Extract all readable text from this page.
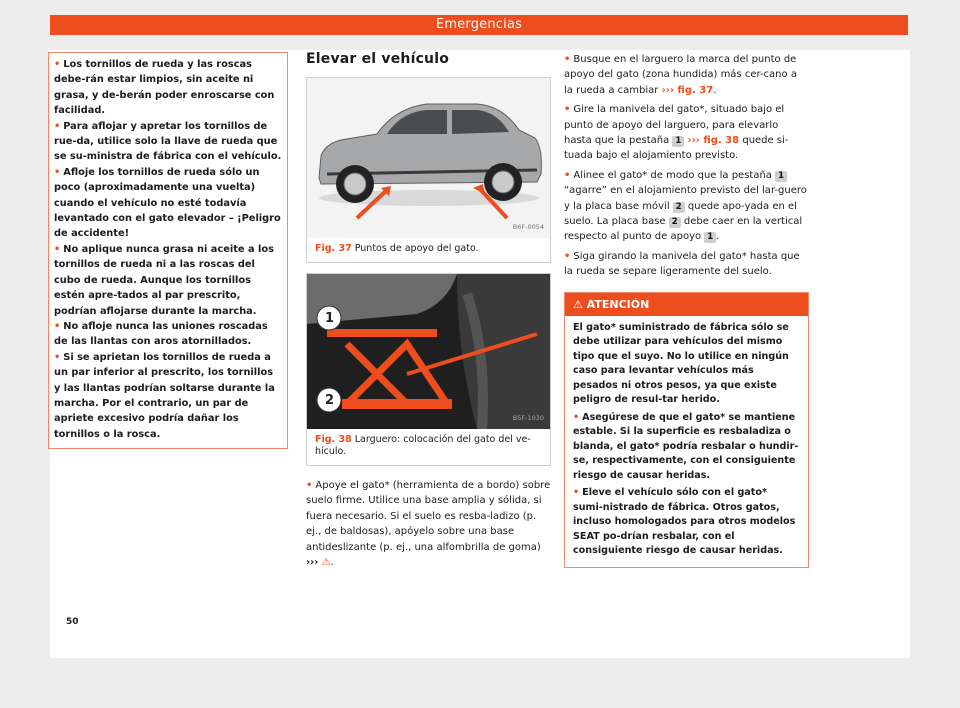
Emergencias

• Los tornillos de rueda y las roscas debe-rán estar limpios, sin aceite ni grasa, y de-berán poder enroscarse con facilidad.

• Para aflojar y apretar los tornillos de rue-da, utilice solo la llave de rueda que se su-ministra de fábrica con el vehículo.

• Afloje los tornillos de rueda sólo un poco (aproximadamente una vuelta) cuando el vehículo no esté todavía levantado con el gato elevador – ¡Peligro de accidente!

• No aplique nunca grasa ni aceite a los tornillos de rueda ni a las roscas del cubo de rueda. Aunque los tornillos estén apre-tados al par prescrito, podrían aflojarse durante la marcha.

• No afloje nunca las uniones roscadas de las llantas con aros atornillados.

• Si se aprietan los tornillos de rueda a un par inferior al prescrito, los tornillos y las llantas podrían soltarse durante la marcha. Por el contrario, un par de apriete excesivo podría dañar los tornillos o la rosca.

Elevar el vehículo
B6F-0054
Fig. 37 Puntos de apoyo del gato.
1
2
B5F-1030
Fig. 38 Larguero: colocación del gato del ve-hículo.

• Apoye el gato* (herramienta de a bordo) sobre suelo firme. Utilice una base amplia y sólida, si fuera necesario. Si el suelo es resba-ladizo (p. ej., de baldosas), apóyelo sobre una base antideslizante (p. ej., una alfombrilla de goma) ››› ⚠.

• Busque en el larguero la marca del punto de apoyo del gato (zona hundida) más cer-cano a la rueda a cambiar ››› fig. 37.

• Gire la manivela del gato*, situado bajo el punto de apoyo del larguero, para elevarlo hasta que la pestaña 1 ››› fig. 38 quede si-tuada bajo el alojamiento previsto.

• Alinee el gato* de modo que la pestaña 1 “agarre” en el alojamiento previsto del lar-guero y la placa base móvil 2 quede apo-yada en el suelo. La placa base 2 debe caer en la vertical respecto al punto de apoyo 1 .

• Siga girando la manivela del gato* hasta que la rueda se separe ligeramente del suelo.

⚠ ATENCIÓN

El gato* suministrado de fábrica sólo se debe utilizar para vehículos del mismo tipo que el suyo. No lo utilice en ningún caso para levantar vehículos más pesados ni otros pesos, ya que existe peligro de resul-tar herido.

• Asegúrese de que el gato* se mantiene estable. Si la superficie es resbaladiza o blanda, el gato* podría resbalar o hundir-se, respectivamente, con el consiguiente riesgo de causar heridas.

• Eleve el vehículo sólo con el gato* sumi-nistrado de fábrica. Otros gatos, incluso homologados para otros modelos SEAT po-drían resbalar, con el consiguiente riesgo de causar heridas.

50
